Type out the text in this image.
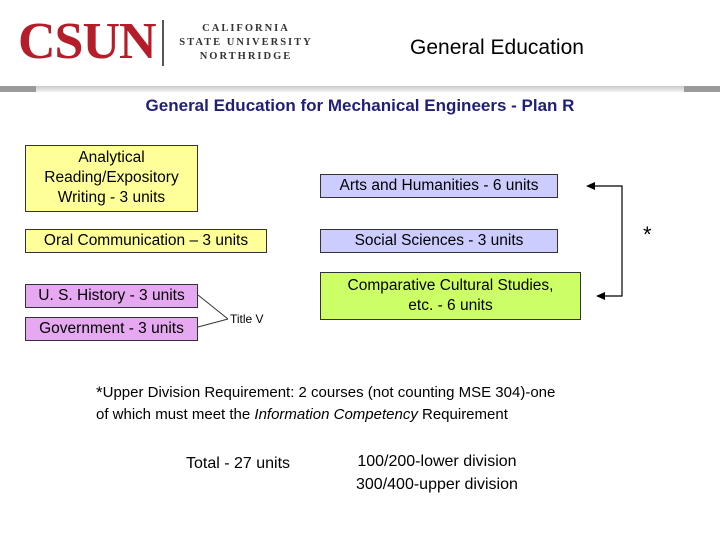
CSUN	CALIFORNIA
STATE UNIVERSITY
NORTHRIDGE	General Education
General Education for Mechanical Engineers - Plan R
Analytical
Reading/Expository
Writing - 3 units
Oral Communication – 3 units
U. S. History - 3 units
Government - 3 units
Title V
Arts and Humanities - 6 units
Social Sciences - 3 units
Comparative Cultural Studies,
etc. - 6 units
*
*Upper Division Requirement: 2 courses (not counting MSE 304)-one
of which must meet the Information Competency Requirement
Total - 27 units	100/200-lower division
300/400-upper division
